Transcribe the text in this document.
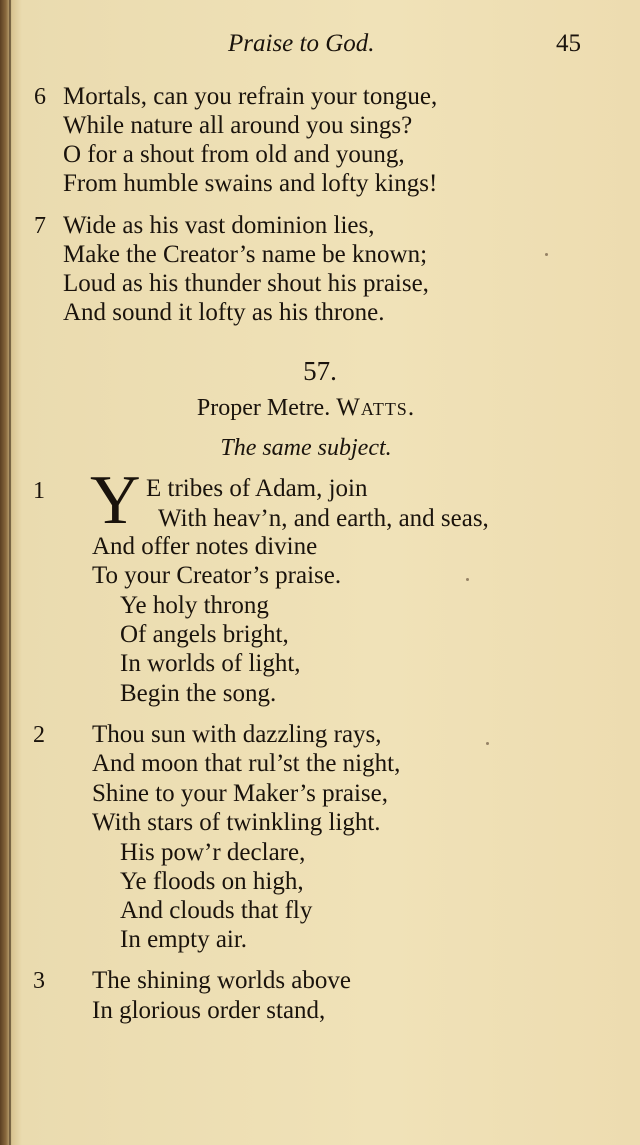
Praise to God.	45
6 Mortals, can you refrain your tongue,
While nature all around you sings?
O for a shout from old and young,
From humble swains and lofty kings!
7 Wide as his vast dominion lies,
Make the Creator’s name be known;
Loud as his thunder shout his praise,
And sound it lofty as his throne.
57.
Proper Metre. Watts.
The same subject.
1 Y E tribes of Adam, join
With heav’n, and earth, and seas,
And offer notes divine
To your Creator’s praise.
Ye holy throng
Of angels bright,
In worlds of light,
Begin the song.
2 Thou sun with dazzling rays,
And moon that rul’st the night,
Shine to your Maker’s praise,
With stars of twinkling light.
His pow’r declare,
Ye floods on high,
And clouds that fly
In empty air.
3 The shining worlds above
In glorious order stand,
